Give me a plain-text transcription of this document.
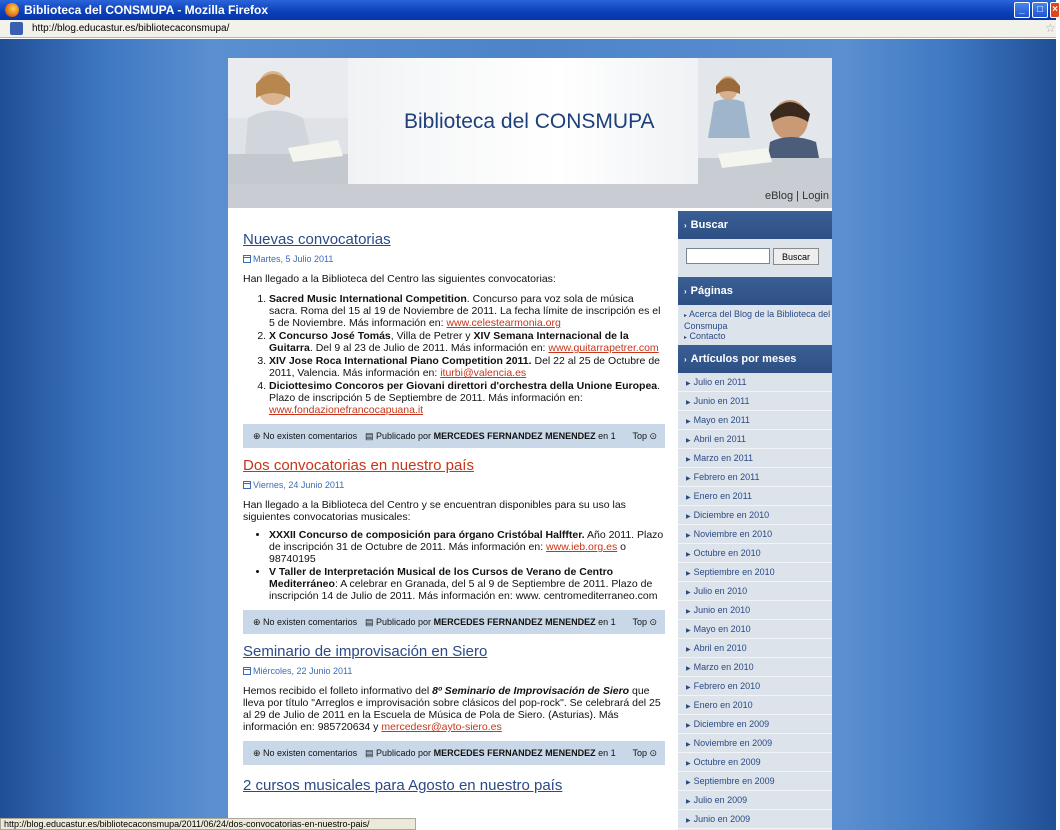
Biblioteca del CONSMUPA - Mozilla Firefox	_	□ ×
http://blog.educastur.es/bibliotecaconsmupa/	☆
Biblioteca del CONSMUPA
eBlog | Login
Nuevas convocatorias
Martes, 5 Julio 2011
Han llegado a la Biblioteca del Centro las siguientes convocatorias:
1. Sacred Music International Competition. Concurso para voz sola de música sacra. Roma del 15 al 19 de Noviembre de 2011. La fecha límite de inscripción es el 5 de Noviembre. Más información en: www.celestearmonia.org
2. X Concurso José Tomás, Villa de Petrer y XIV Semana Internacional de la Guitarra. Del 9 al 23 de Julio de 2011. Más información en: www.guitarrapetrer.com
3. XIV Jose Roca International Piano Competition 2011. Del 22 al 25 de Octubre de 2011, Valencia. Más información en: iturbi@valencia.es
4. Diciottesimo Concoros per Giovani direttori d'orchestra della Unione Europea. Plazo de inscripción 5 de Septiembre de 2011. Más información en: www.fondazionefrancocapuana.it
⊕ No existen comentarios ▤ Publicado por MERCEDES FERNANDEZ MENENDEZ en 1 Top ⊙
Dos convocatorias en nuestro país
Viernes, 24 Junio 2011
Han llegado a la Biblioteca del Centro y se encuentran disponibles para su uso las siguientes convocatorias musicales:
• XXXII Concurso de composición para órgano Cristóbal Halffter. Año 2011. Plazo de inscripción 31 de Octubre de 2011. Más información en: www.ieb.org.es o 98740195
• V Taller de Interpretación Musical de los Cursos de Verano de Centro Mediterráneo: A celebrar en Granada, del 5 al 9 de Septiembre de 2011. Plazo de inscripción 14 de Julio de 2011. Más información en: www. centromediterraneo.com
⊕ No existen comentarios ▤ Publicado por MERCEDES FERNANDEZ MENENDEZ en 1 Top ⊙
Seminario de improvisación en Siero
Miércoles, 22 Junio 2011
Hemos recibido el folleto informativo del 8º Seminario de Improvisación de Siero que lleva por título "Arreglos e improvisación sobre clásicos del pop-rock". Se celebrará del 25 al 29 de Julio de 2011 en la Escuela de Música de Pola de Siero. (Asturias). Más información en: 985720634 y mercedesr@ayto-siero.es
⊕ No existen comentarios ▤ Publicado por MERCEDES FERNANDEZ MENENDEZ en 1 Top ⊙
2 cursos musicales para Agosto en nuestro país
› Buscar
Buscar
› Páginas
▸ Acerca del Blog de la Biblioteca del Consmupa
▸ Contacto
› Artículos por meses
▶ Julio en 2011
▶ Junio en 2011
▶ Mayo en 2011
▶ Abril en 2011
▶ Marzo en 2011
▶ Febrero en 2011
▶ Enero en 2011
▶ Diciembre en 2010
▶ Noviembre en 2010
▶ Octubre en 2010
▶ Septiembre en 2010
▶ Julio en 2010
▶ Junio en 2010
▶ Mayo en 2010
▶ Abril en 2010
▶ Marzo en 2010
▶ Febrero en 2010
▶ Enero en 2010
▶ Diciembre en 2009
▶ Noviembre en 2009
▶ Octubre en 2009
▶ Septiembre en 2009
▶ Julio en 2009
▶ Junio en 2009
http://blog.educastur.es/bibliotecaconsmupa/2011/06/24/dos-convocatorias-en-nuestro-pais/
